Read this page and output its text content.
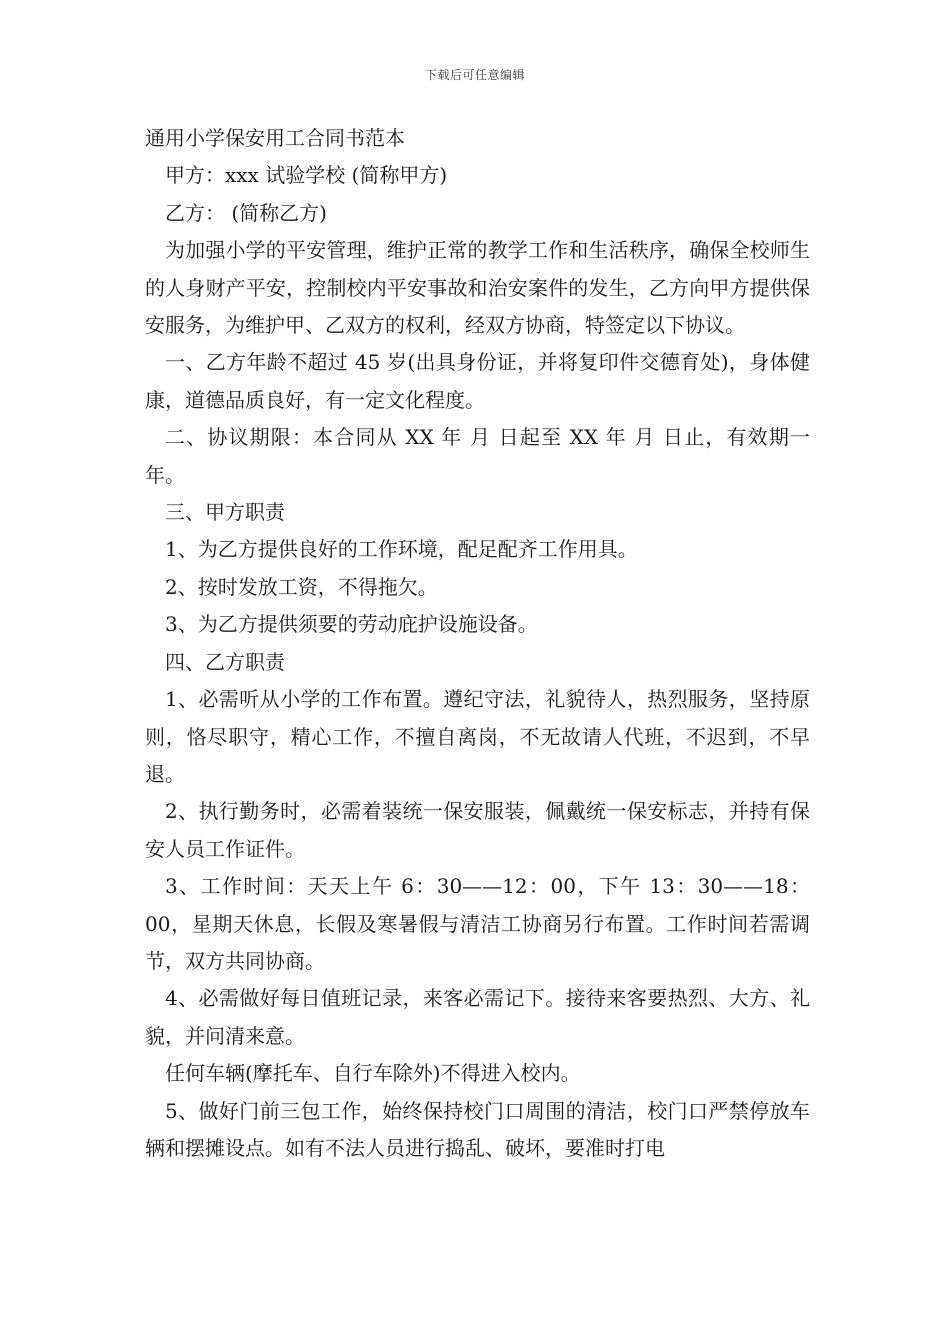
下载后可任意编辑
通用小学保安用工合同书范本

甲方：xxx 试验学校 (简称甲方)

乙方： (简称乙方)

为加强小学的平安管理，维护正常的教学工作和生活秩序，确保全校师生的人身财产平安，控制校内平安事故和治安案件的发生，乙方向甲方提供保安服务，为维护甲、乙双方的权利，经双方协商，特签定以下协议。

一、乙方年龄不超过 45 岁(出具身份证，并将复印件交德育处)，身体健康，道德品质良好，有一定文化程度。

二、协议期限：本合同从 XX 年 月 日起至 XX 年 月 日止，有效期一年。

三、甲方职责

1、为乙方提供良好的工作环境，配足配齐工作用具。

2、按时发放工资，不得拖欠。

3、为乙方提供须要的劳动庇护设施设备。

四、乙方职责

1、必需听从小学的工作布置。遵纪守法，礼貌待人，热烈服务，坚持原则，恪尽职守，精心工作，不擅自离岗，不无故请人代班，不迟到，不早退。

2、执行勤务时，必需着装统一保安服装，佩戴统一保安标志，并持有保安人员工作证件。

3、工作时间：天天上午 6：30——12：00，下午 13：30——18：00，星期天休息，长假及寒暑假与清洁工协商另行布置。工作时间若需调节，双方共同协商。

4、必需做好每日值班记录，来客必需记下。接待来客要热烈、大方、礼貌，并问清来意。

任何车辆(摩托车、自行车除外)不得进入校内。

5、做好门前三包工作，始终保持校门口周围的清洁，校门口严禁停放车辆和摆摊设点。如有不法人员进行捣乱、破坏，要准时打电
